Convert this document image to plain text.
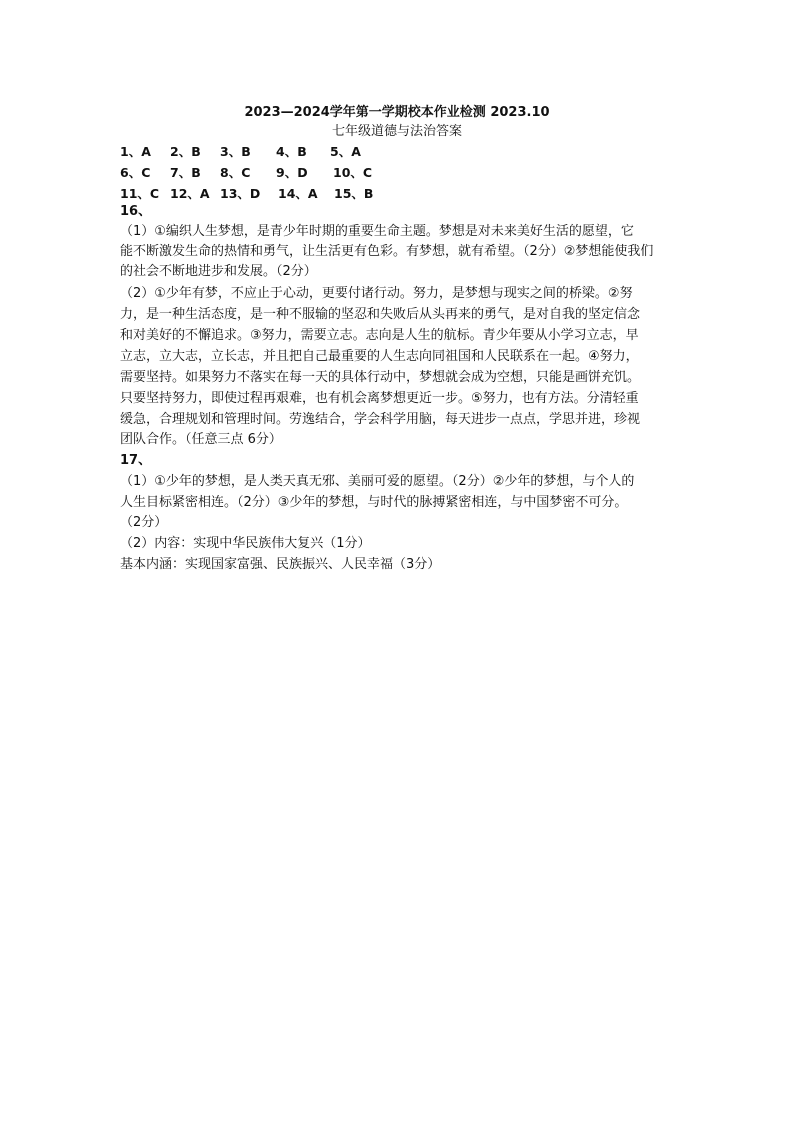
2023—2024学年第一学期校本作业检测 2023.10
七年级道德与法治答案
1、A 2、B 3、B 4、B 5、A
6、C 7、B 8、C 9、D 10、C
11、C 12、A 13、D 14、A 15、B
16、
（1）①编织人生梦想，是青少年时期的重要生命主题。梦想是对未来美好生活的愿望，它
能不断激发生命的热情和勇气，让生活更有色彩。有梦想，就有希望。（2分）②梦想能使我们
的社会不断地进步和发展。（2分）
（2）①少年有梦，不应止于心动，更要付诸行动。努力，是梦想与现实之间的桥梁。②努
力，是一种生活态度，是一种不服输的坚忍和失败后从头再来的勇气，是对自我的坚定信念
和对美好的不懈追求。③努力，需要立志。志向是人生的航标。青少年要从小学习立志，早
立志，立大志，立长志，并且把自己最重要的人生志向同祖国和人民联系在一起。④努力，
需要坚持。如果努力不落实在每一天的具体行动中，梦想就会成为空想，只能是画饼充饥。
只要坚持努力，即使过程再艰难，也有机会离梦想更近一步。⑤努力，也有方法。分清轻重
缓急，合理规划和管理时间。劳逸结合，学会科学用脑，每天进步一点点，学思并进，珍视
团队合作。（任意三点 6分）
17、
（1）①少年的梦想，是人类天真无邪、美丽可爱的愿望。（2分）②少年的梦想，与个人的
人生目标紧密相连。（2分）③少年的梦想，与时代的脉搏紧密相连，与中国梦密不可分。
（2分）
（2）内容：实现中华民族伟大复兴（1分）
基本内涵：实现国家富强、民族振兴、人民幸福（3分）
